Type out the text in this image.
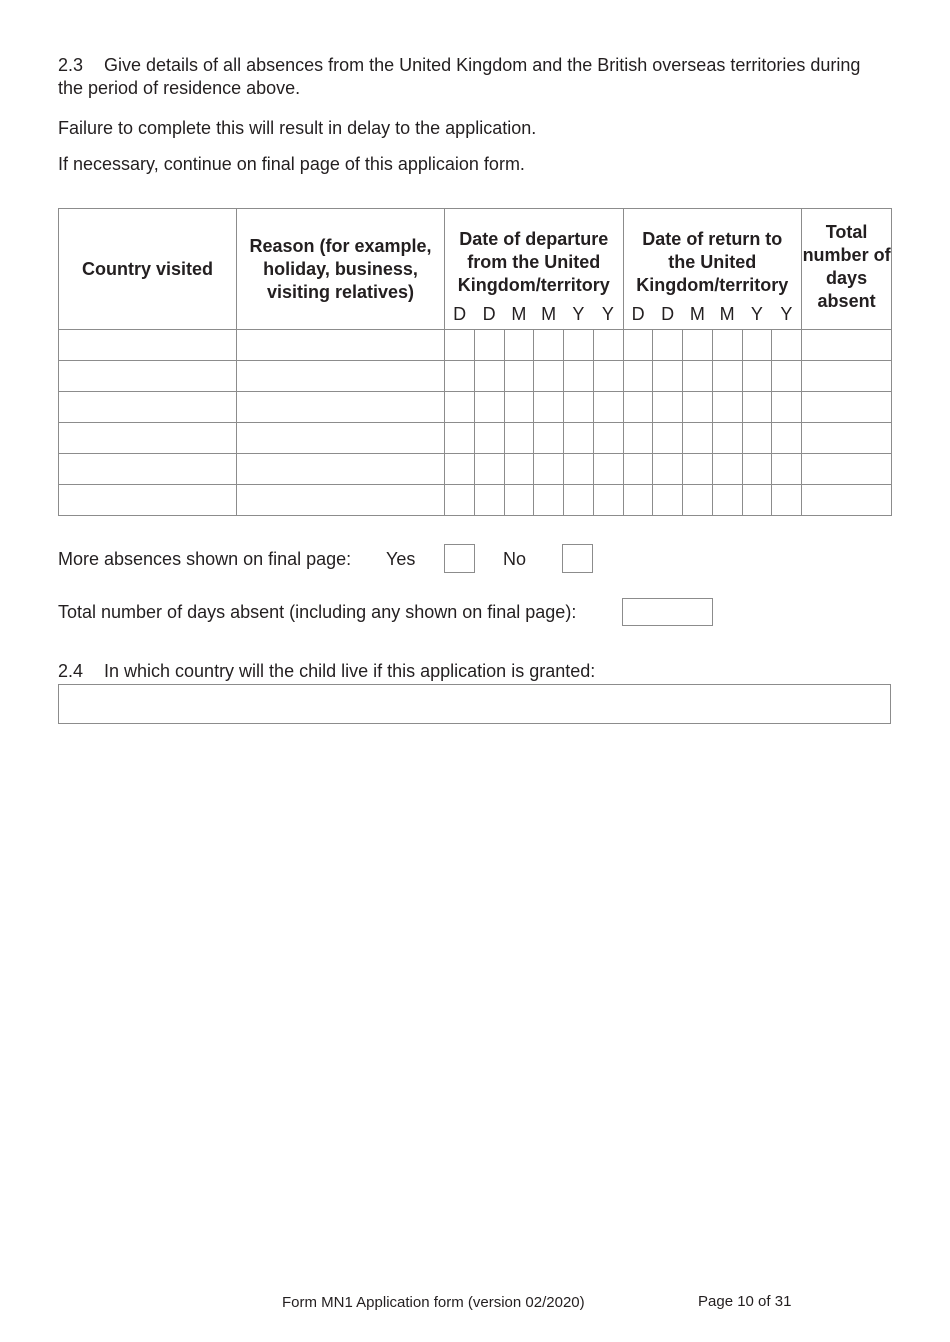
2.3 Give details of all absences from the United Kingdom and the British overseas territories during the period of residence above.
Failure to complete this will result in delay to the application.
If necessary, continue on final page of this applicaion form.
Country visited	Reason (for example, holiday, business, visiting relatives)	Date of departure from the United Kingdom/territory						Date of return to the United Kingdom/territory						Total number of days absent
		D	D	M	M	Y	Y	D	D	M	M	Y	Y	

More absences shown on final page: Yes	No
Total number of days absent (including any shown on final page):
2.4 In which country will the child live if this application is granted:
Form MN1 Application form (version 02/2020)	Page 10 of 31
